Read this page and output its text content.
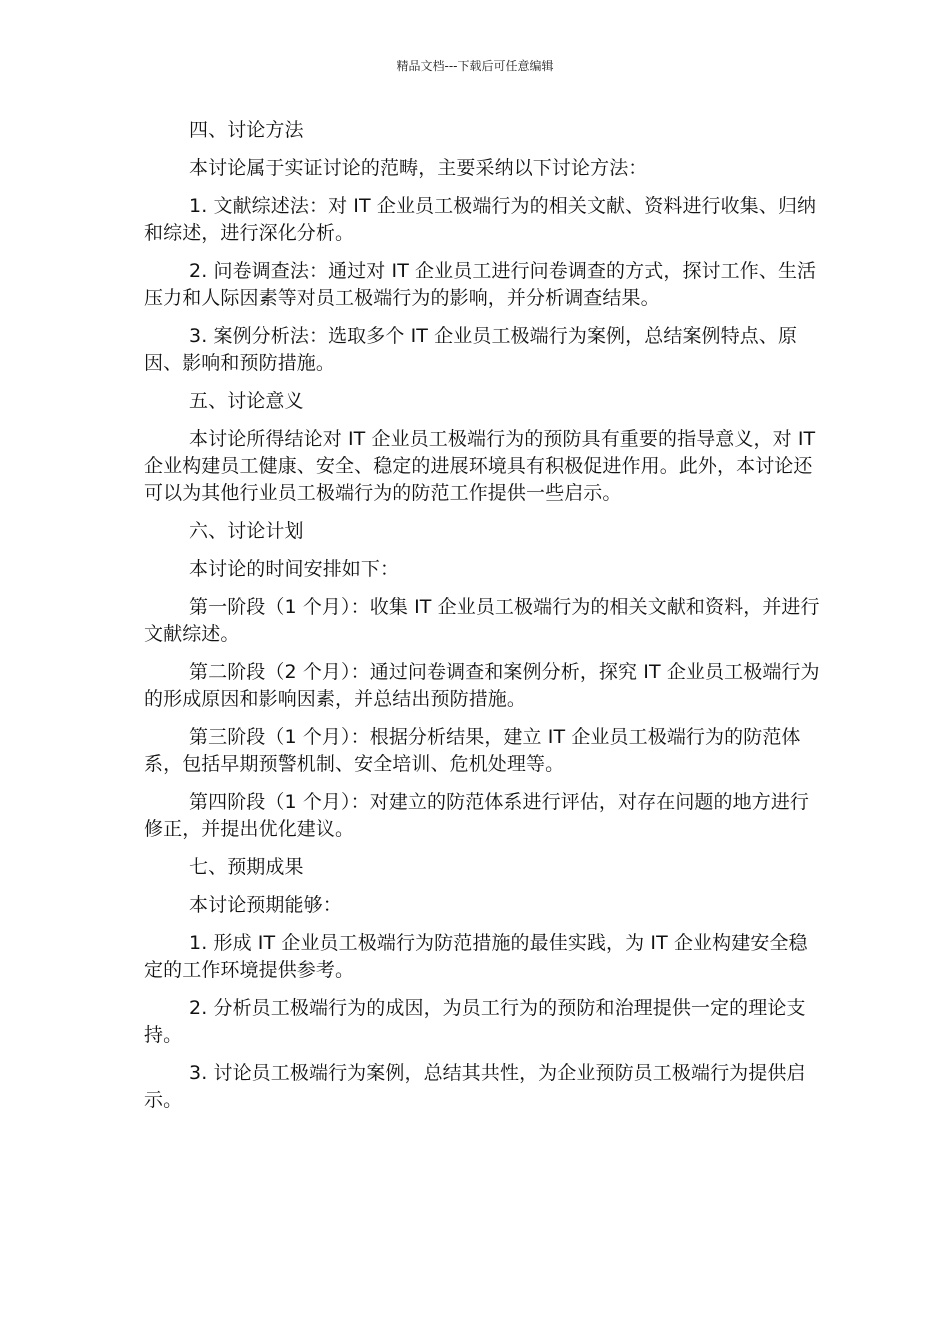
精品文档---下载后可任意编辑

四、讨论方法

本讨论属于实证讨论的范畴，主要采纳以下讨论方法：

1. 文献综述法：对 IT 企业员工极端行为的相关文献、资料进行收集、归纳和综述，进行深化分析。

2. 问卷调查法：通过对 IT 企业员工进行问卷调查的方式，探讨工作、生活压力和人际因素等对员工极端行为的影响，并分析调查结果。

3. 案例分析法：选取多个 IT 企业员工极端行为案例，总结案例特点、原因、影响和预防措施。

五、讨论意义

本讨论所得结论对 IT 企业员工极端行为的预防具有重要的指导意义，对 IT 企业构建员工健康、安全、稳定的进展环境具有积极促进作用。此外，本讨论还可以为其他行业员工极端行为的防范工作提供一些启示。

六、讨论计划

本讨论的时间安排如下：

第一阶段（1 个月）：收集 IT 企业员工极端行为的相关文献和资料，并进行文献综述。

第二阶段（2 个月）：通过问卷调查和案例分析，探究 IT 企业员工极端行为的形成原因和影响因素，并总结出预防措施。

第三阶段（1 个月）：根据分析结果，建立 IT 企业员工极端行为的防范体系，包括早期预警机制、安全培训、危机处理等。

第四阶段（1 个月）：对建立的防范体系进行评估，对存在问题的地方进行修正，并提出优化建议。

七、预期成果

本讨论预期能够：

1. 形成 IT 企业员工极端行为防范措施的最佳实践，为 IT 企业构建安全稳定的工作环境提供参考。

2. 分析员工极端行为的成因，为员工行为的预防和治理提供一定的理论支持。

3. 讨论员工极端行为案例，总结其共性，为企业预防员工极端行为提供启示。
